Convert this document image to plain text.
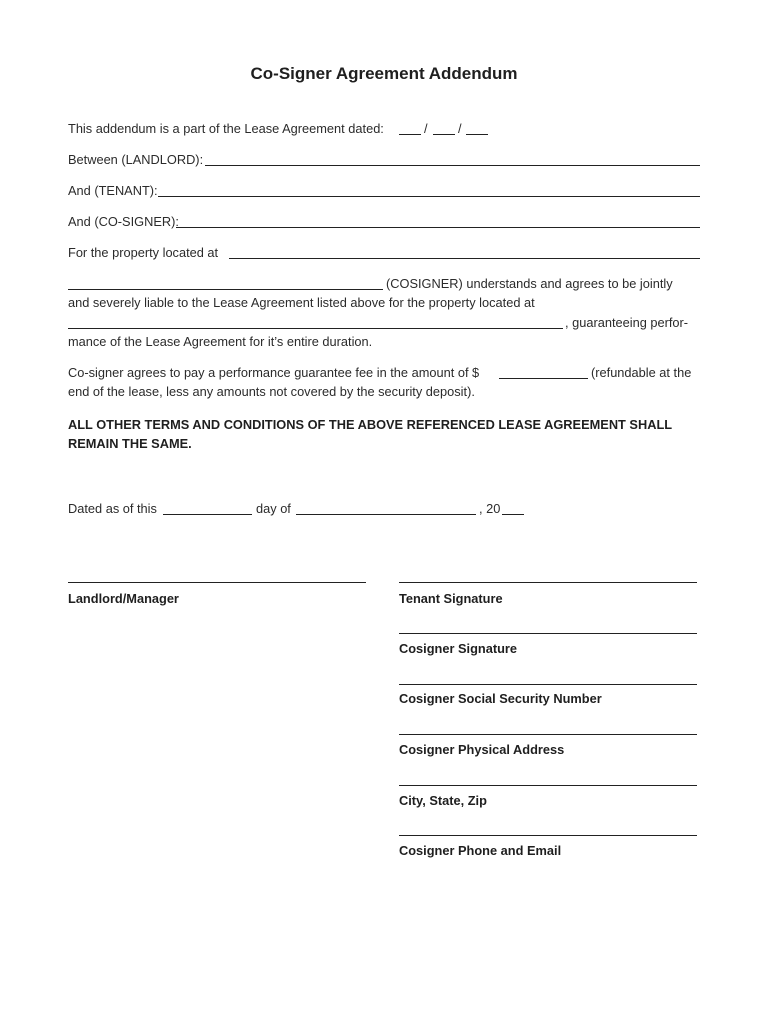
Co-Signer Agreement Addendum
This addendum is a part of the Lease Agreement dated:	/ /
Between (LANDLORD):
And (TENANT):
And (CO-SIGNER):
For the property located at
(COSIGNER) understands and agrees to be jointly
and severely liable to the Lease Agreement listed above for the property located at
, guaranteeing perfor-
mance of the Lease Agreement for it’s entire duration.
Co-signer agrees to pay a performance guarantee fee in the amount of $	(refundable at the
end of the lease, less any amounts not covered by the security deposit).
ALL OTHER TERMS AND CONDITIONS OF THE ABOVE REFERENCED LEASE AGREEMENT SHALL REMAIN THE SAME.
Dated as of this	day of	, 20
Landlord/Manager	Tenant Signature
Cosigner Signature
Cosigner Social Security Number
Cosigner Physical Address
City, State, Zip
Cosigner Phone and Email
